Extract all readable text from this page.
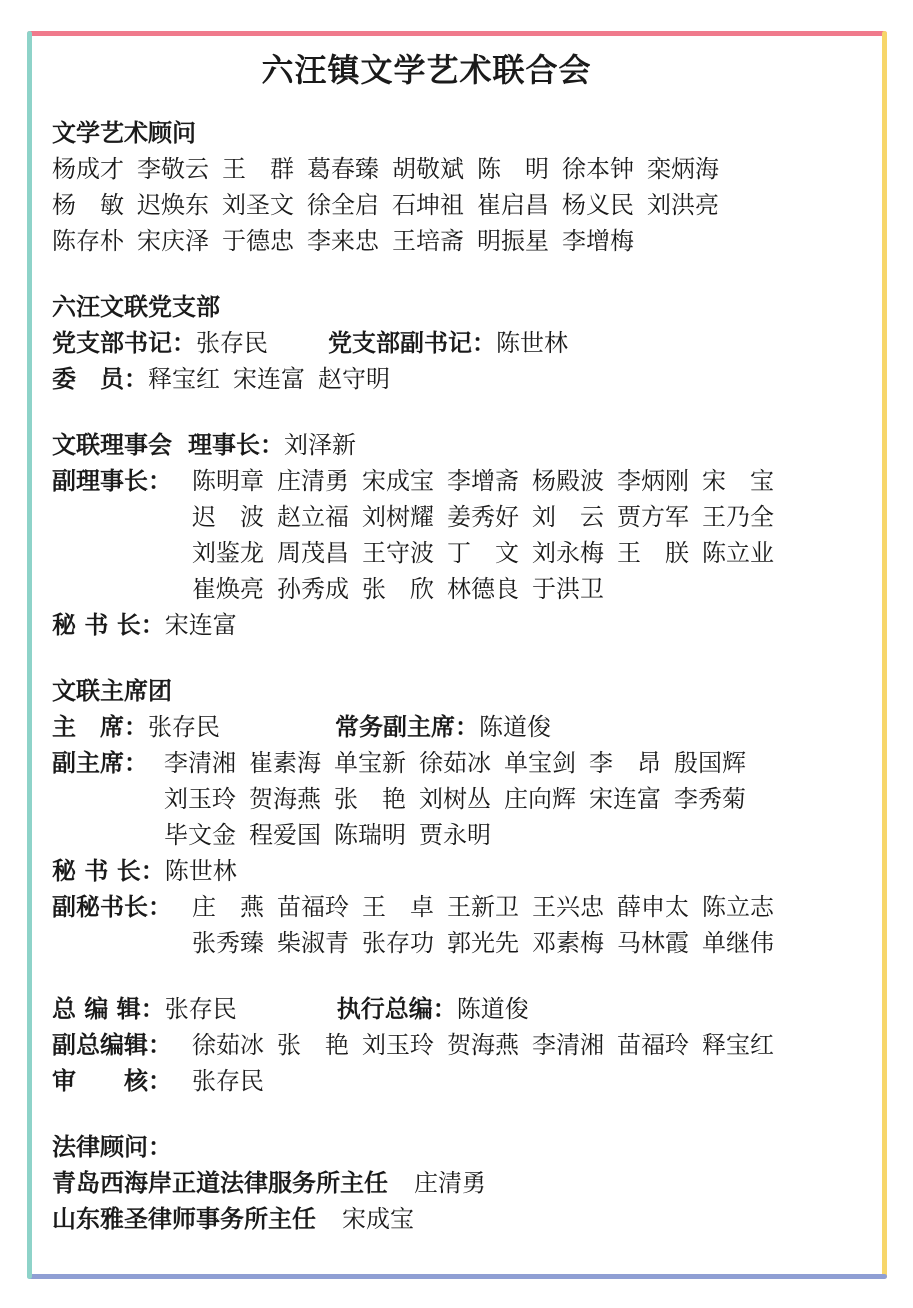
六汪镇文学艺术联合会
文学艺术顾问
杨成才 李敬云 王　群 葛春臻 胡敬斌 陈　明 徐本钟 栾炳海
杨　敏 迟焕东 刘圣文 徐全启 石坤祖 崔启昌 杨义民 刘洪亮
陈存朴 宋庆泽 于德忠 李来忠 王培斋 明振星 李增梅
六汪文联党支部
党支部书记： 张存民	党支部副书记： 陈世林
委　员： 释宝红 宋连富 赵守明
文联理事会 理事长： 刘泽新
副理事长： 陈明章 庄清勇 宋成宝 李增斋 杨殿波 李炳刚 宋　宝
迟　波 赵立福 刘树耀 姜秀好 刘　云 贾方军 王乃全
刘鉴龙 周茂昌 王守波 丁　文 刘永梅 王　朕 陈立业
崔焕亮 孙秀成 张　欣 林德良 于洪卫
秘 书 长： 宋连富
文联主席团
主　席： 张存民	常务副主席： 陈道俊
副主席： 李清湘 崔素海 单宝新 徐茹冰 单宝剑 李　昂 殷国辉
刘玉玲 贺海燕 张　艳 刘树丛 庄向辉 宋连富 李秀菊
毕文金 程爱国 陈瑞明 贾永明
秘 书 长： 陈世林
副秘书长： 庄　燕 苗福玲 王　卓 王新卫 王兴忠 薛申太 陈立志
张秀臻 柴淑青 张存功 郭光先 邓素梅 马林霞 单继伟
总 编 辑： 张存民	执行总编： 陈道俊
副总编辑： 徐茹冰 张　艳 刘玉玲 贺海燕 李清湘 苗福玲 释宝红
审　　核： 张存民
法律顾问：
青岛西海岸正道法律服务所主任 庄清勇
山东雅圣律师事务所主任 宋成宝
